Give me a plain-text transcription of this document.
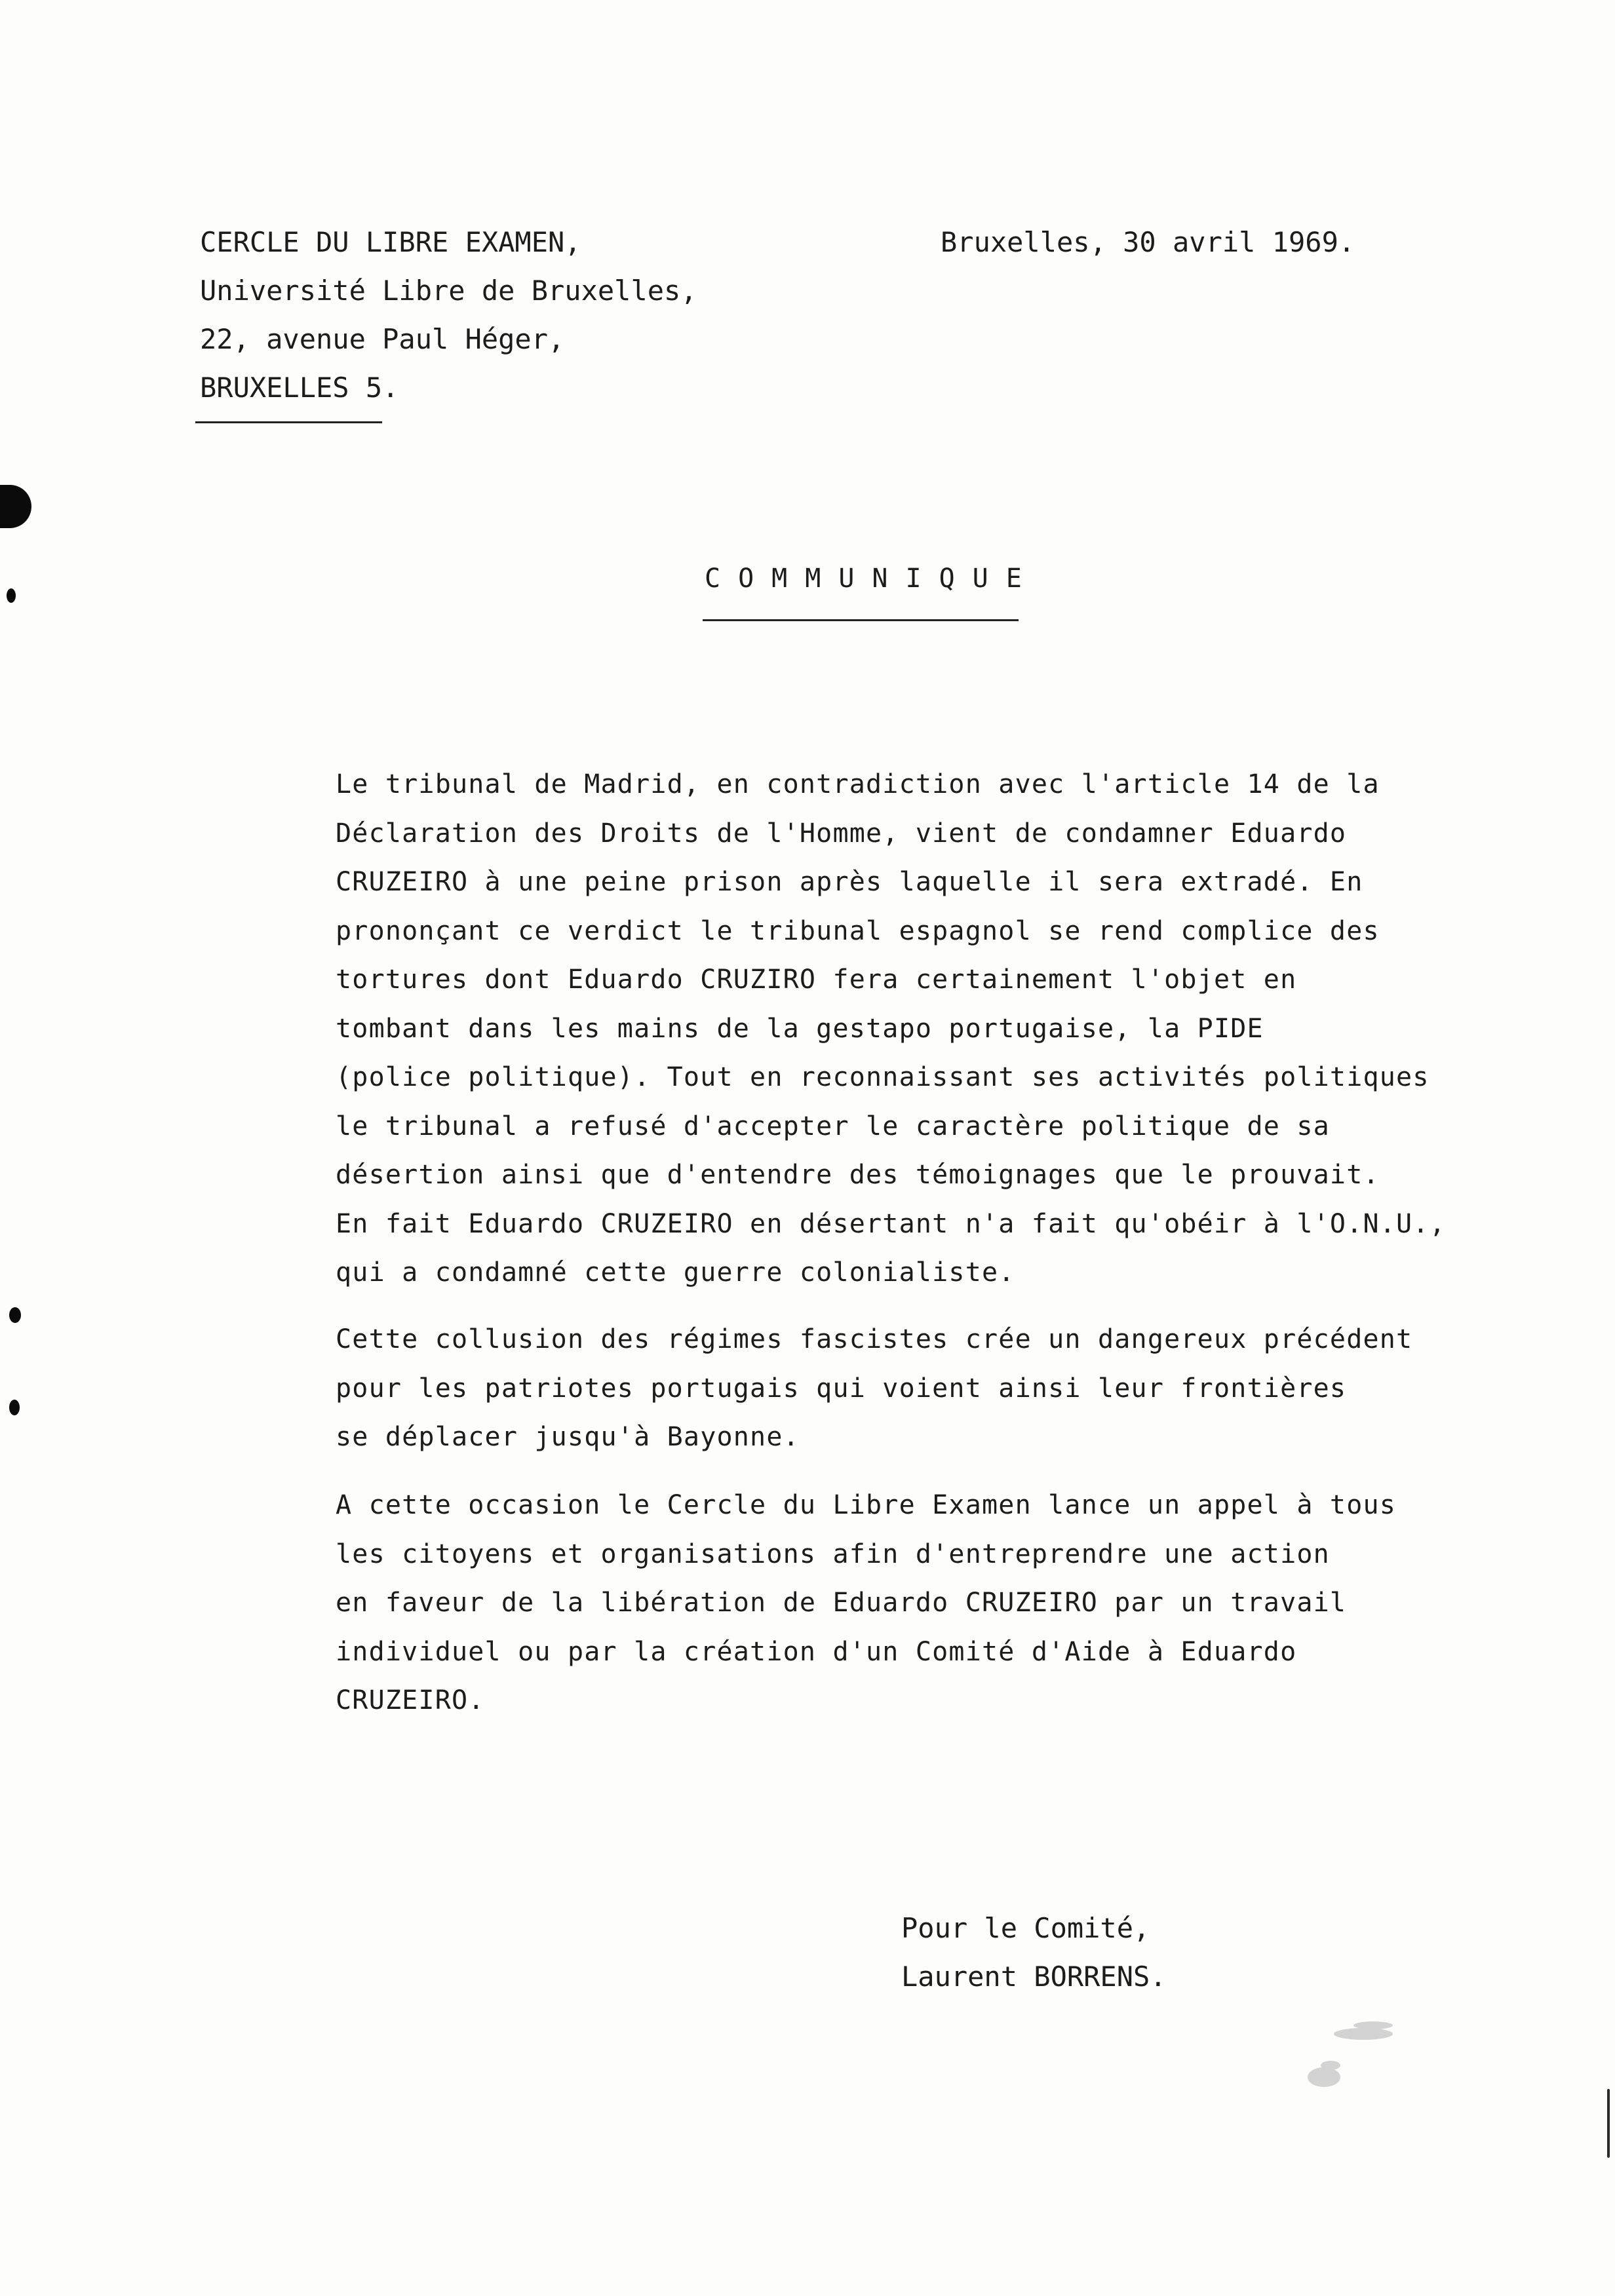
CERCLE DU LIBRE EXAMEN,
Université Libre de Bruxelles,
22, avenue Paul Héger,
BRUXELLES 5.
Bruxelles, 30 avril 1969.
COMMUNIQUE
Le tribunal de Madrid, en contradiction avec l'article 14 de la
Déclaration des Droits de l'Homme, vient de condamner Eduardo
CRUZEIRO à une peine prison après laquelle il sera extradé. En
prononçant ce verdict le tribunal espagnol se rend complice des
tortures dont Eduardo CRUZIRO fera certainement l'objet en
tombant dans les mains de la gestapo portugaise, la PIDE
(police politique). Tout en reconnaissant ses activités politiques
le tribunal a refusé d'accepter le caractère politique de sa
désertion ainsi que d'entendre des témoignages que le prouvait.
En fait Eduardo CRUZEIRO en désertant n'a fait qu'obéir à l'O.N.U.,
qui a condamné cette guerre colonialiste.
Cette collusion des régimes fascistes crée un dangereux précédent
pour les patriotes portugais qui voient ainsi leur frontières
se déplacer jusqu'à Bayonne.
A cette occasion le Cercle du Libre Examen lance un appel à tous
les citoyens et organisations afin d'entreprendre une action
en faveur de la libération de Eduardo CRUZEIRO par un travail
individuel ou par la création d'un Comité d'Aide à Eduardo
CRUZEIRO.
Pour le Comité,
Laurent BORRENS.
